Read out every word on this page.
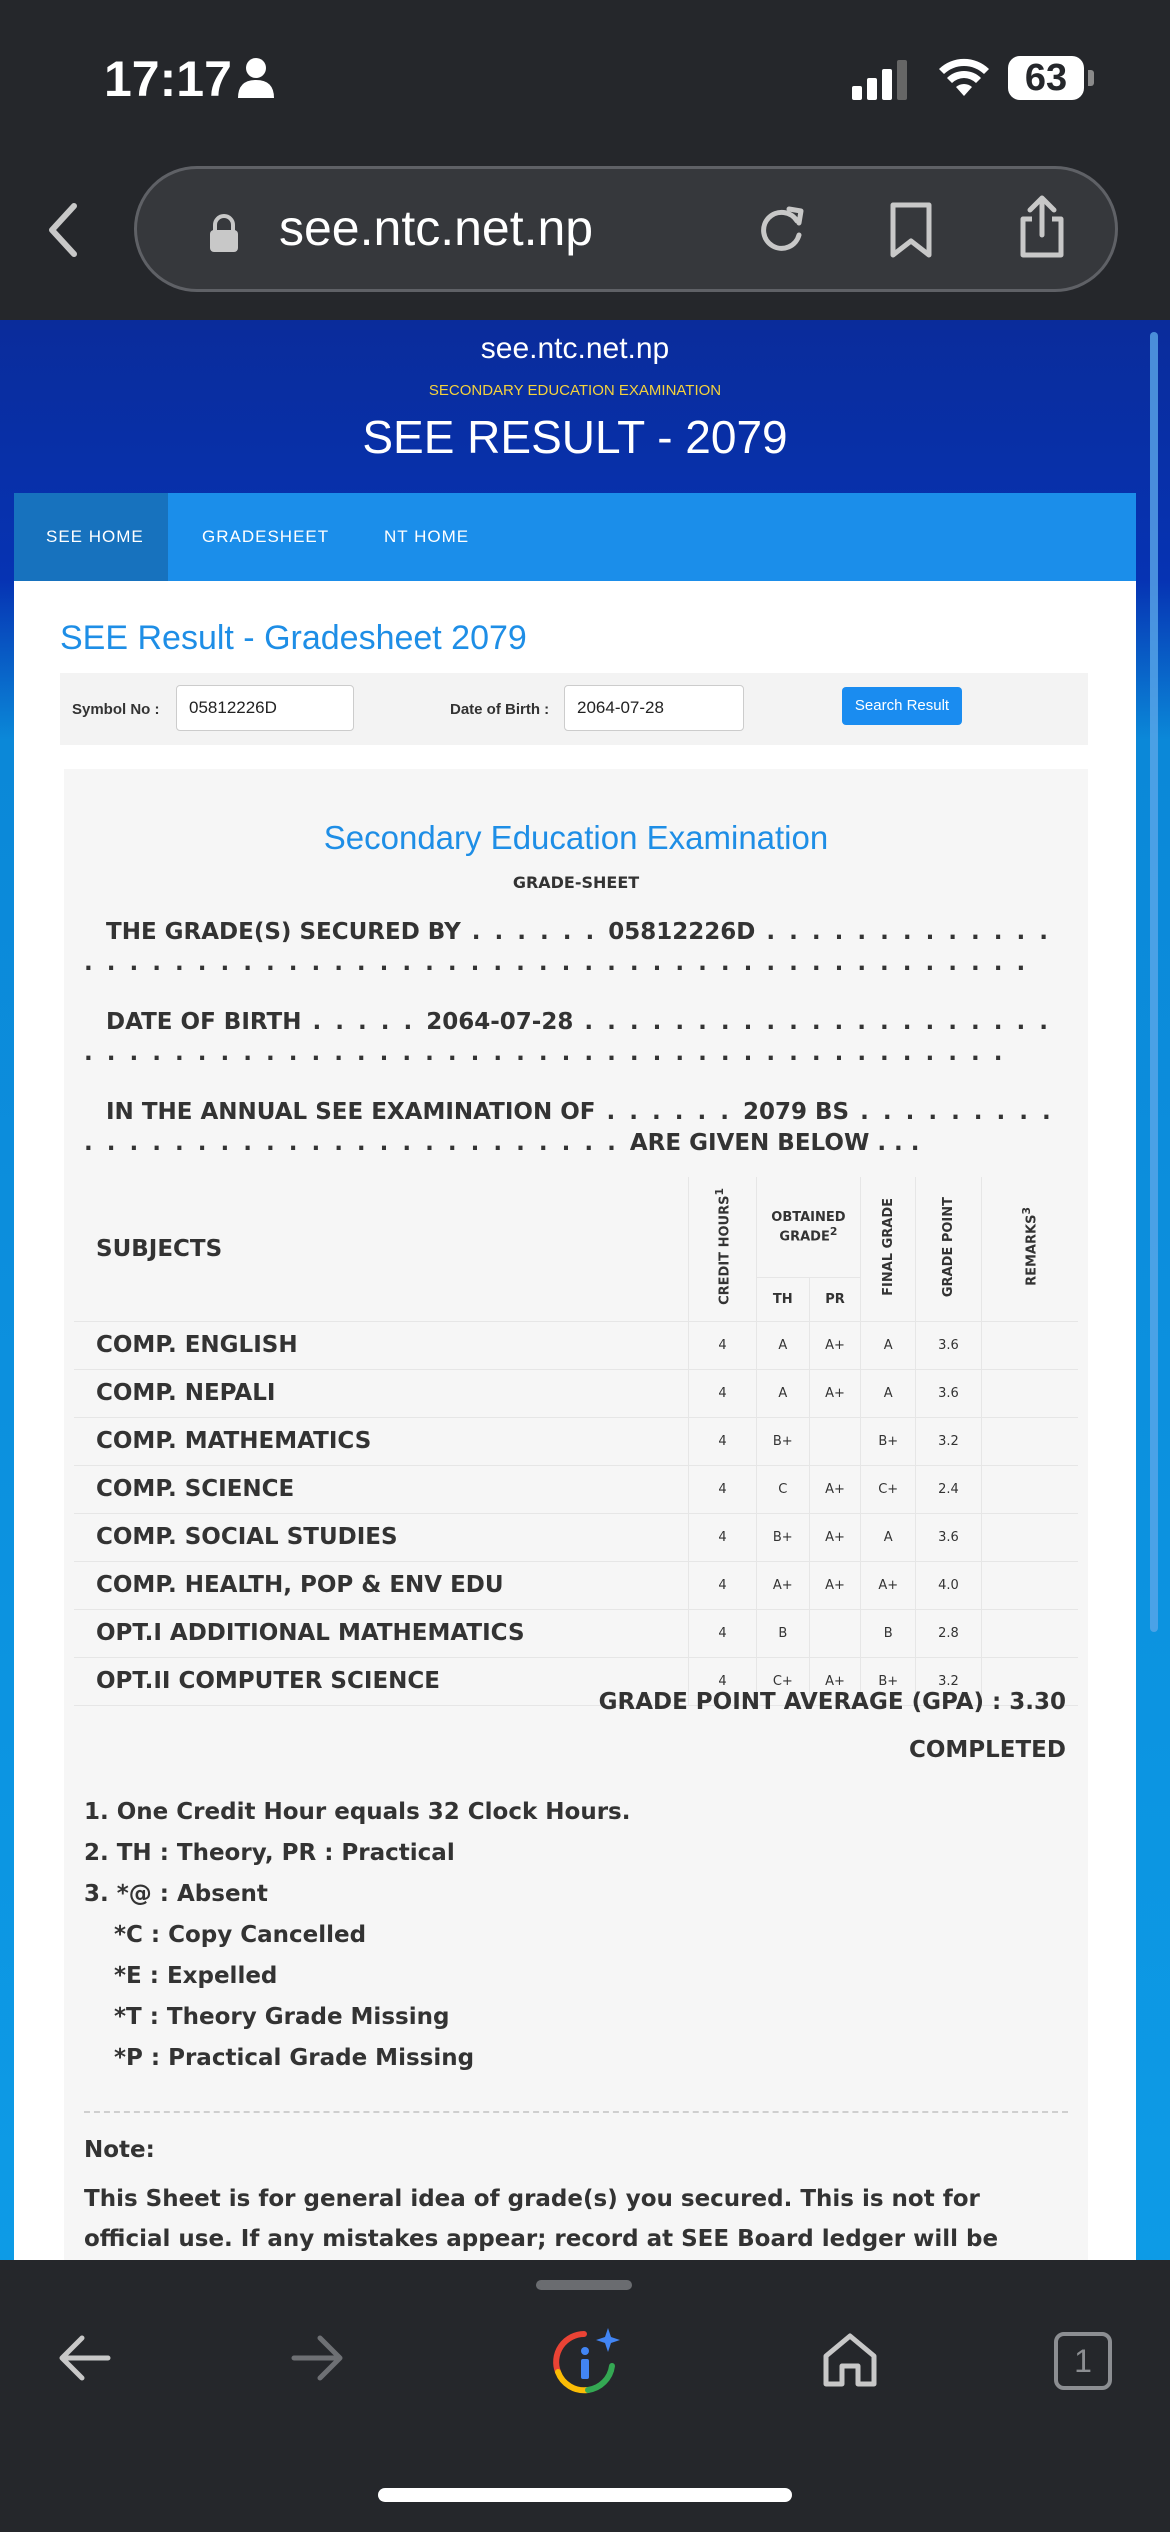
17:17	63
see.ntc.net.np
see.ntc.net.np
SECONDARY EDUCATION EXAMINATION
SEE RESULT - 2079
SEE HOME	GRADESHEET	NT HOME
SEE Result - Gradesheet 2079
Symbol No :	05812226D	Date of Birth :	2064-07-28	Search Result
Secondary Education Examination
GRADE-SHEET
THE GRADE(S) SECURED BY . . . . . . 05812226D . . . . . . . . . . . . . . . . . . . . . . . . . . . . . . . . . . . . . . . . . . . . . . . . . . . . . . .
DATE OF BIRTH . . . . . 2064-07-28 . . . . . . . . . . . . . . . . . . . . . . . . . . . . . . . . . . . . . . . . . . . . . . . . . . . . . . . . . . . . . .
IN THE ANNUAL SEE EXAMINATION OF . . . . . . 2079 BS . . . . . . . . . . . . . . . . . . . . . . . . . . . . . . . . . ARE GIVEN BELOW . . .
SUBJECTS	CREDIT HOURS$^1$	OBTAINED GRADE$^2$		FINAL GRADE	GRADE POINT	REMARKS$^3$
		TH	PR			
COMP. ENGLISH	4	A	A+	A	3.6	
COMP. NEPALI	4	A	A+	A	3.6	
COMP. MATHEMATICS	4	B+		B+	3.2	
COMP. SCIENCE	4	C	A+	C+	2.4	
COMP. SOCIAL STUDIES	4	B+	A+	A	3.6	
COMP. HEALTH, POP & ENV EDU	4	A+	A+	A+	4.0	
OPT.I ADDITIONAL MATHEMATICS	4	B		B	2.8	
OPT.II COMPUTER SCIENCE	4	C+	A+	B+	3.2	
GRADE POINT AVERAGE (GPA) : 3.30
COMPLETED
1. One Credit Hour equals 32 Clock Hours.
2. TH : Theory, PR : Practical
3. *@ : Absent
*C : Copy Cancelled
*E : Expelled
*T : Theory Grade Missing
*P : Practical Grade Missing
Note:
This Sheet is for general idea of grade(s) you secured. This is not for official use. If any mistakes appear; record at SEE Board ledger will be
1
